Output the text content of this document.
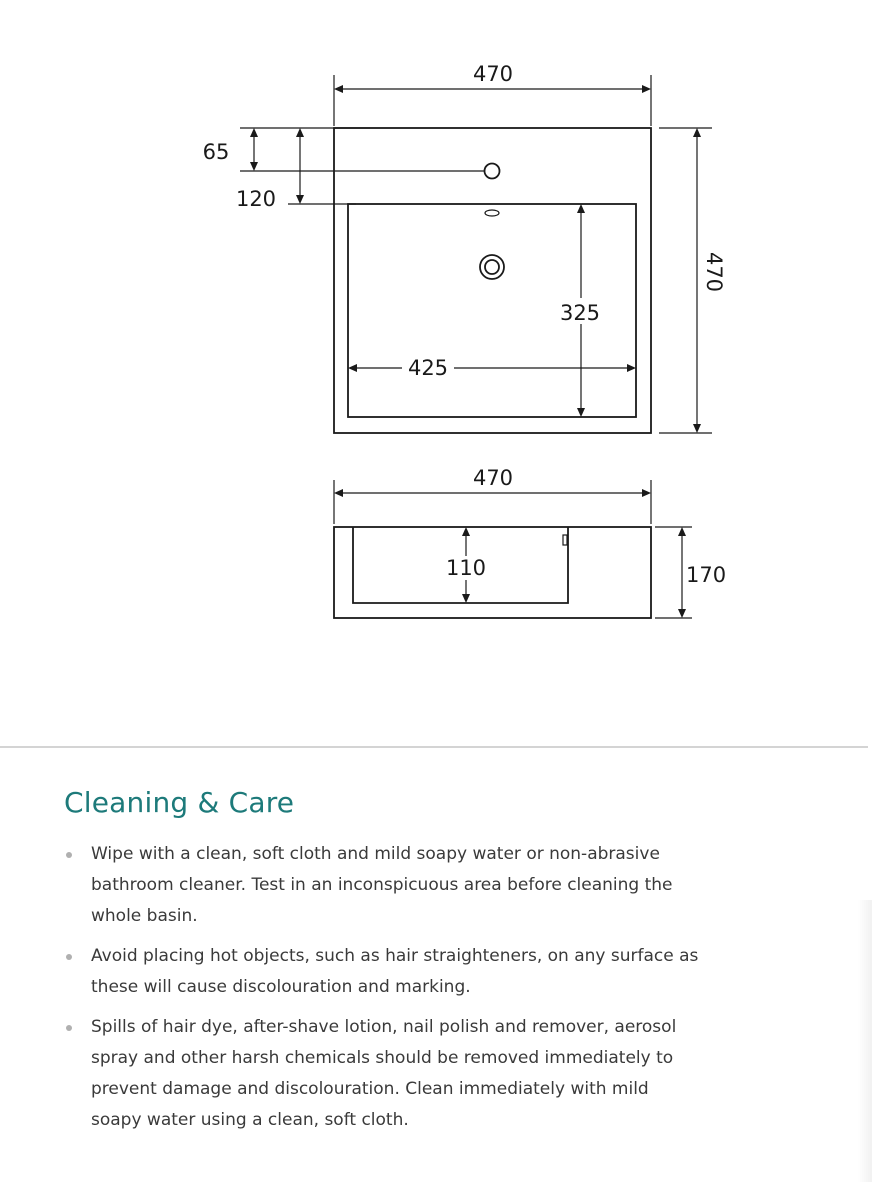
470
470
65
120
325
425
470
170
110
Cleaning & Care
Wipe with a clean, soft cloth and mild soapy water or non-abrasive bathroom cleaner. Test in an inconspicuous area before cleaning the whole basin.
Avoid placing hot objects, such as hair straighteners, on any surface as these will cause discolouration and marking.
Spills of hair dye, after-shave lotion, nail polish and remover, aerosol spray and other harsh chemicals should be removed immediately to prevent damage and discolouration. Clean immediately with mild soapy water using a clean, soft cloth.
